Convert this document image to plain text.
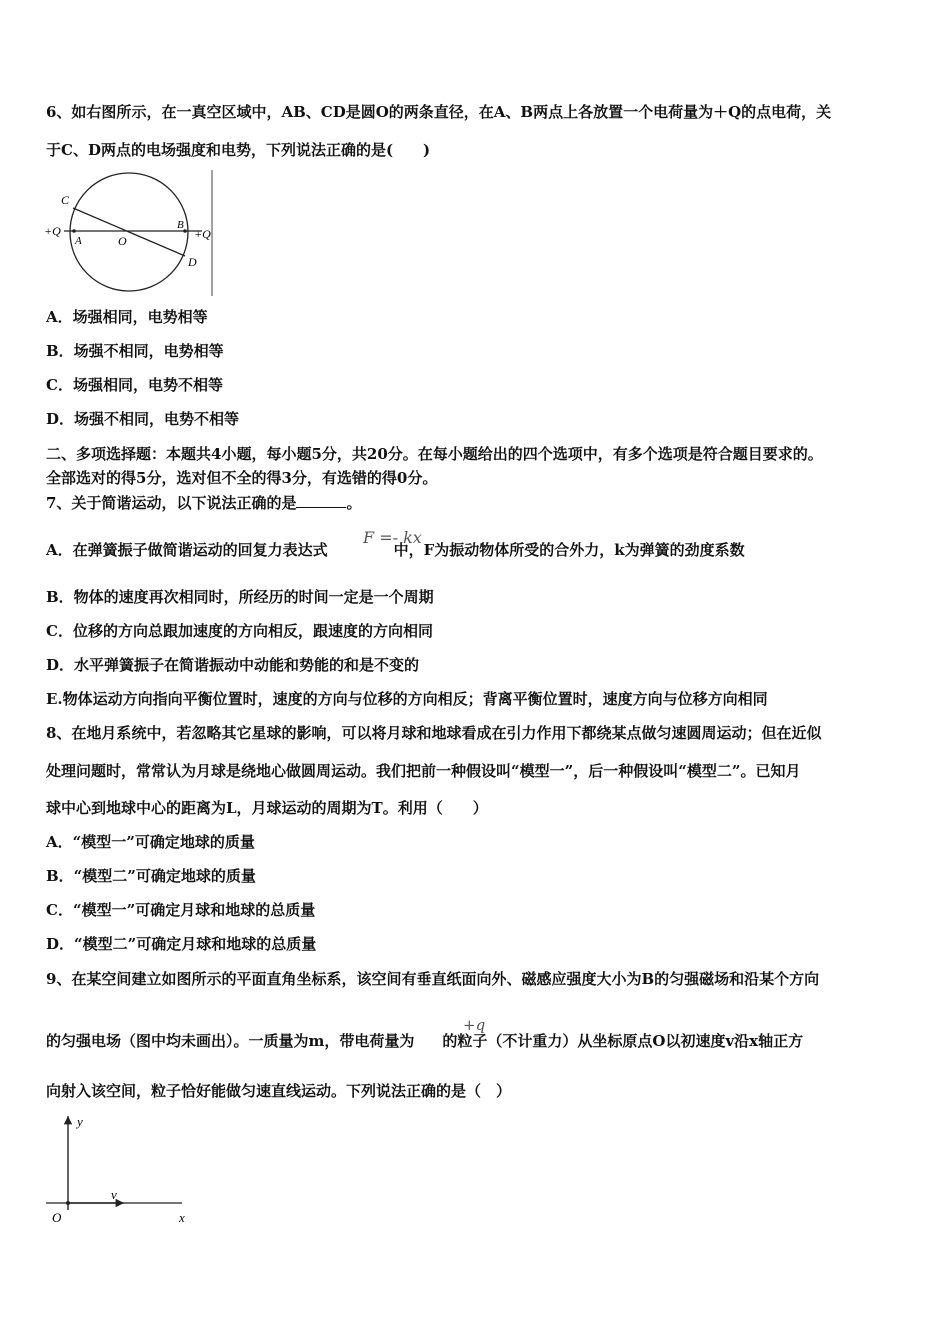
6、如右图所示，在一真空区域中，AB、CD是圆O的两条直径，在A、B两点上各放置一个电荷量为＋Q的点电荷，关
于C、D两点的电场强度和电势，下列说法正确的是(　　)
C
+Q
A	O
B
+Q
D
A．场强相同，电势相等
B．场强不相同，电势相等
C．场强相同，电势不相等
D．场强不相同，电势不相等
二、多项选择题：本题共4小题，每小题5分，共20分。在每小题给出的四个选项中，有多个选项是符合题目要求的。
全部选对的得5分，选对但不全的得3分，有选错的得0分。
7、关于简谐运动，以下说法正确的是	。
A．在弹簧振子做简谐运动的回复力表达式	中，F为振动物体所受的合外力，k为弹簧的劲度系数
F =- kx
B．物体的速度再次相同时，所经历的时间一定是一个周期
C．位移的方向总跟加速度的方向相反，跟速度的方向相同
D．水平弹簧振子在简谐振动中动能和势能的和是不变的
E.物体运动方向指向平衡位置时，速度的方向与位移的方向相反；背离平衡位置时，速度方向与位移方向相同
8、在地月系统中，若忽略其它星球的影响，可以将月球和地球看成在引力作用下都绕某点做匀速圆周运动；但在近似
处理问题时，常常认为月球是绕地心做圆周运动。我们把前一种假设叫“模型一”，后一种假设叫“模型二”。已知月
球中心到地球中心的距离为L，月球运动的周期为T。利用（　　）
A．“模型一”可确定地球的质量
B．“模型二”可确定地球的质量
C．“模型一”可确定月球和地球的总质量
D．“模型二”可确定月球和地球的总质量
9、在某空间建立如图所示的平面直角坐标系，该空间有垂直纸面向外、磁感应强度大小为B的匀强磁场和沿某个方向
的匀强电场（图中均未画出）。一质量为m，带电荷量为 的粒子（不计重力）从坐标原点O以初速度v沿x轴正方
+q
向射入该空间，粒子恰好能做匀速直线运动。下列说法正确的是（　）
y
v
O	x
